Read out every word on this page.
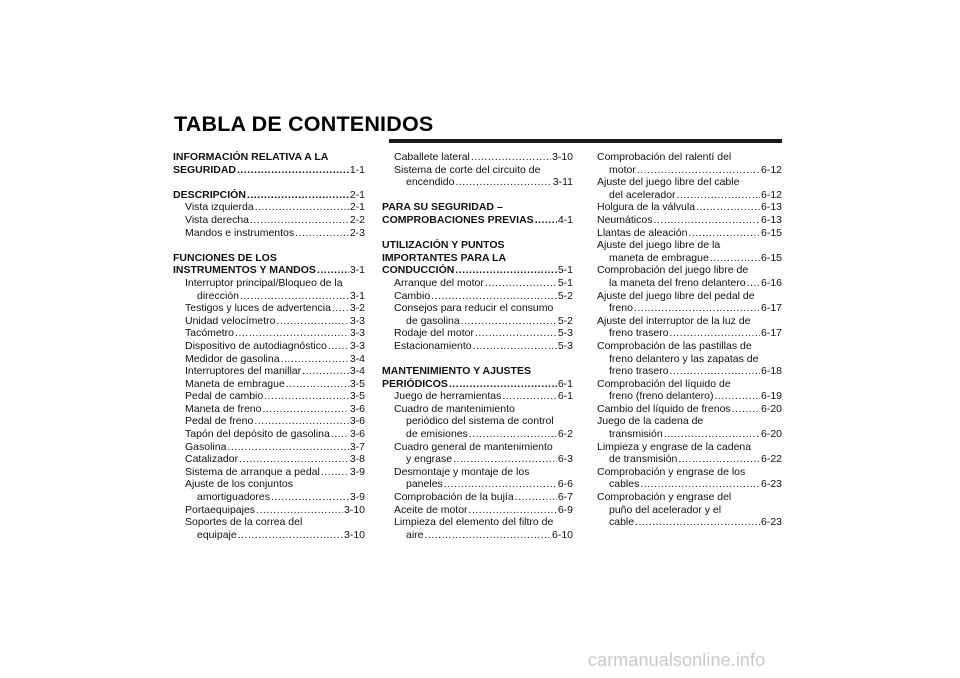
TABLA DE CONTENIDOS
INFORMACIÓN RELATIVA A LA
SEGURIDAD .....	1-1
DESCRIPCIÓN .....	2-1
Vista izquierda .....	2-1
Vista derecha .....	2-2
Mandos e instrumentos .....	2-3
FUNCIONES DE LOS
INSTRUMENTOS Y MANDOS .....	3-1
Interruptor principal/Bloqueo de la
dirección .....	3-1
Testigos y luces de advertencia ..... 3-2
Unidad velocímetro .....	3-3
Tacómetro .....	3-3
Dispositivo de autodiagnóstico ..... 3-3
Medidor de gasolina .....	3-4
Interruptores del manillar .....	3-4
Maneta de embrague .....	3-5
Pedal de cambio .....	3-5
Maneta de freno .....	3-6
Pedal de freno .....	3-6
Tapón del depósito de gasolina ..... 3-6
Gasolina .....	3-7
Catalizador .....	3-8
Sistema de arranque a pedal .....	3-9
Ajuste de los conjuntos
amortiguadores .....	3-9
Portaequipajes .....	3-10
Soportes de la correa del
equipaje .....	3-10
Caballete lateral .....	3-10
Sistema de corte del circuito de
encendido .....	3-11
PARA SU SEGURIDAD –
COMPROBACIONES PREVIAS ..... 4-1
UTILIZACIÓN Y PUNTOS
IMPORTANTES PARA LA
CONDUCCIÓN .....	5-1
Arranque del motor .....	5-1
Cambio .....	5-2
Consejos para reducir el consumo
de gasolina .....	5-2
Rodaje del motor .....	5-3
Estacionamiento .....	5-3
MANTENIMIENTO Y AJUSTES
PERIÓDICOS .....	6-1
Juego de herramientas .....	6-1
Cuadro de mantenimiento
periódico del sistema de control
de emisiones .....	6-2
Cuadro general de mantenimiento
y engrase .....	6-3
Desmontaje y montaje de los
paneles .....	6-6
Comprobación de la bujía .....	6-7
Aceite de motor .....	6-9
Limpieza del elemento del filtro de
aire .....	6-10
Comprobación del ralentí del
motor .....	6-12
Ajuste del juego libre del cable
del acelerador .....	6-12
Holgura de la válvula .....	6-13
Neumáticos .....	6-13
Llantas de aleación .....	6-15
Ajuste del juego libre de la
maneta de embrague .....	6-15
Comprobación del juego libre de
la maneta del freno delantero ..... 6-16
Ajuste del juego libre del pedal de
freno .....	6-17
Ajuste del interruptor de la luz de
freno trasero .....	6-17
Comprobación de las pastillas de
freno delantero y las zapatas de
freno trasero .....	6-18
Comprobación del líquido de
freno (freno delantero) .....	6-19
Cambio del líquido de frenos .....	6-20
Juego de la cadena de
transmisión .....	6-20
Limpieza y engrase de la cadena
de transmisión .....	6-22
Comprobación y engrase de los
cables .....	6-23
Comprobación y engrase del
puño del acelerador y el
cable .....	6-23
carmanualsonline.info
